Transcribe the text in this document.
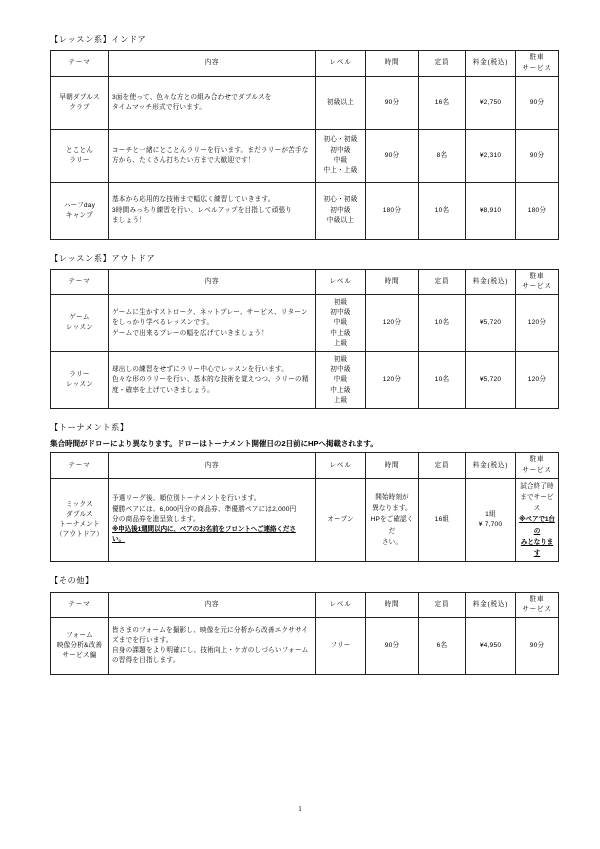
【レッスン系】インドア
テーマ	内容	レベル	時間	定員	料金(税込)	駐車
サービス

早朝ダブルス
クラブ	3面を使って、色々な方との組み合わせでダブルスを
タイムマッチ形式で行います。	初級以上	90分	16名	¥2,750	90分

とことん
ラリー	コーチと一緒にとことんラリーを行います。まだラリーが苦手な
方から、たくさん打ちたい方まで大歓迎です！	初心・初級
初中級
中級
中上・上級	90分	8名	¥2,310	90分

ハーフday
キャンプ	基本から応用的な技術まで幅広く練習していきます。
3時間みっちり練習を行い、レベルアップを目指して頑張り
ましょう！	初心・初級
初中級
中級以上	180分	10名	¥8,910	180分
【レッスン系】アウトドア
テーマ	内容	レベル	時間	定員	料金(税込)	駐車
サービス

ゲーム
レッスン	ゲームに生かすストローク、ネットプレー、サービス、リターン
をしっかり学べるレッスンです。
ゲームで出来るプレーの幅を広げていきましょう！	初級
初中級
中級
中上級
上級	120分	10名	¥5,720	120分

ラリー
レッスン	球出しの練習をせずにラリー中心でレッスンを行います。
色々な形のラリーを行い、基本的な技術を覚えつつ、ラリーの精
度・確率を上げていきましょう。	初級
初中級
中級
中上級
上級	120分	10名	¥5,720	120分
【トーナメント系】
集合時間がドローにより異なります。ドローはトーナメント開催日の2日前にHPへ掲載されます。
テーマ	内容	レベル	時間	定員	料金(税込)	駐車
サービス

ミックス
ダブルス
トーナメント
（アウトドア）	予選リーグ後、順位別トーナメントを行います。
優勝ペアには、6,000円分の商品券、準優勝ペアには2,000円
分の商品券を進呈致します。
※申込後1週間以内に、ペアのお名前をフロントへご連絡くださ
い。	オープン	開始時刻が
異なります。
HPをご確認くだ
さい。	16組	1組
¥ 7,700	試合終了時
までサービス
※ペアで1台の
みとなります
【その他】
テーマ	内容	レベル	時間	定員	料金(税込)	駐車
サービス

フォーム
映像分析&改善
サービス編	皆さまのフォームを撮影し、映像を元に分析から改善エクササイ
ズまでを行います。
自身の課題をより明確にし、技術向上・ケガのしづらいフォーム
の習得を目指します。	フリー	90分	6名	¥4,950	90分
1
